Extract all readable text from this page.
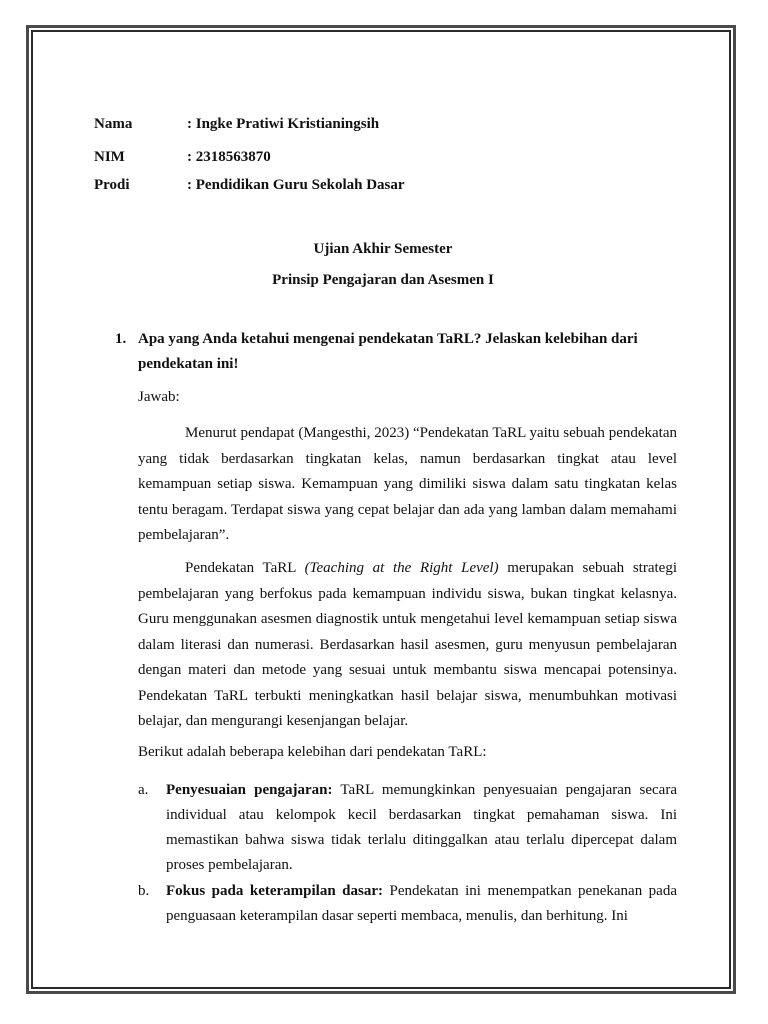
Nama	: Ingke Pratiwi Kristianingsih
NIM	: 2318563870
Prodi	: Pendidikan Guru Sekolah Dasar
Ujian Akhir Semester
Prinsip Pengajaran dan Asesmen I
1. Apa yang Anda ketahui mengenai pendekatan TaRL? Jelaskan kelebihan dari pendekatan ini!
Jawab:

Menurut pendapat (Mangesthi, 2023) “Pendekatan TaRL yaitu sebuah pendekatan yang tidak berdasarkan tingkatan kelas, namun berdasarkan tingkat atau level kemampuan setiap siswa. Kemampuan yang dimiliki siswa dalam satu tingkatan kelas tentu beragam. Terdapat siswa yang cepat belajar dan ada yang lamban dalam memahami pembelajaran”.

Pendekatan TaRL (Teaching at the Right Level) merupakan sebuah strategi pembelajaran yang berfokus pada kemampuan individu siswa, bukan tingkat kelasnya. Guru menggunakan asesmen diagnostik untuk mengetahui level kemampuan setiap siswa dalam literasi dan numerasi. Berdasarkan hasil asesmen, guru menyusun pembelajaran dengan materi dan metode yang sesuai untuk membantu siswa mencapai potensinya. Pendekatan TaRL terbukti meningkatkan hasil belajar siswa, menumbuhkan motivasi belajar, dan mengurangi kesenjangan belajar.

Berikut adalah beberapa kelebihan dari pendekatan TaRL:
a. Penyesuaian pengajaran: TaRL memungkinkan penyesuaian pengajaran secara individual atau kelompok kecil berdasarkan tingkat pemahaman siswa. Ini memastikan bahwa siswa tidak terlalu ditinggalkan atau terlalu dipercepat dalam proses pembelajaran.
b. Fokus pada keterampilan dasar: Pendekatan ini menempatkan penekanan pada penguasaan keterampilan dasar seperti membaca, menulis, dan berhitung. Ini
